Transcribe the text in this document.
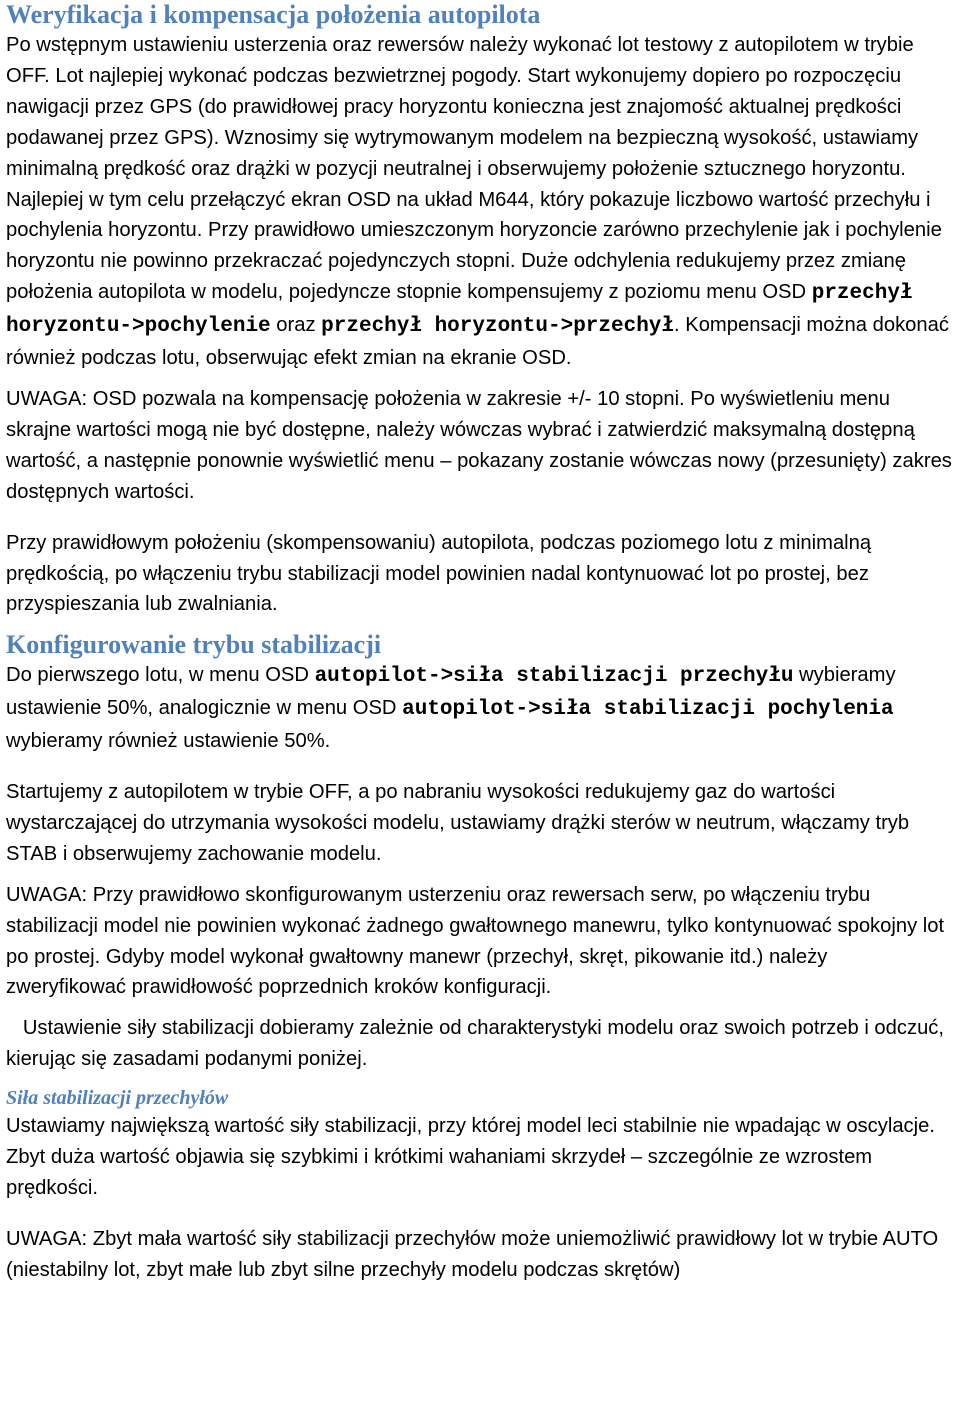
Weryfikacja i kompensacja położenia autopilota

Po wstępnym ustawieniu usterzenia oraz rewersów należy wykonać lot testowy z autopilotem w trybie OFF. Lot najlepiej wykonać podczas bezwietrznej pogody. Start wykonujemy dopiero po rozpoczęciu nawigacji przez GPS (do prawidłowej pracy horyzontu konieczna jest znajomość aktualnej prędkości podawanej przez GPS). Wznosimy się wytrymowanym modelem na bezpieczną wysokość, ustawiamy minimalną prędkość oraz drążki w pozycji neutralnej i obserwujemy położenie sztucznego horyzontu. Najlepiej w tym celu przełączyć ekran OSD na układ M644, który pokazuje liczbowo wartość przechyłu i pochylenia horyzontu. Przy prawidłowo umieszczonym horyzoncie zarówno przechylenie jak i pochylenie horyzontu nie powinno przekraczać pojedynczych stopni. Duże odchylenia redukujemy przez zmianę położenia autopilota w modelu, pojedyncze stopnie kompensujemy z poziomu menu OSD przechył horyzontu->pochylenie oraz przechył horyzontu->przechył. Kompensacji można dokonać również podczas lotu, obserwując efekt zmian na ekranie OSD.

UWAGA: OSD pozwala na kompensację położenia w zakresie +/- 10 stopni. Po wyświetleniu menu skrajne wartości mogą nie być dostępne, należy wówczas wybrać i zatwierdzić maksymalną dostępną wartość, a następnie ponownie wyświetlić menu – pokazany zostanie wówczas nowy (przesunięty) zakres dostępnych wartości.

Przy prawidłowym położeniu (skompensowaniu) autopilota, podczas poziomego lotu z minimalną prędkością, po włączeniu trybu stabilizacji model powinien nadal kontynuować lot po prostej, bez przyspieszania lub zwalniania.

Konfigurowanie trybu stabilizacji

Do pierwszego lotu, w menu OSD autopilot->siła stabilizacji przechyłu wybieramy ustawienie 50%, analogicznie w menu OSD autopilot->siła stabilizacji pochylenia wybieramy również ustawienie 50%.

Startujemy z autopilotem w trybie OFF, a po nabraniu wysokości redukujemy gaz do wartości wystarczającej do utrzymania wysokości modelu, ustawiamy drążki sterów w neutrum, włączamy tryb STAB i obserwujemy zachowanie modelu.

UWAGA: Przy prawidłowo skonfigurowanym usterzeniu oraz rewersach serw, po włączeniu trybu stabilizacji model nie powinien wykonać żadnego gwałtownego manewru, tylko kontynuować spokojny lot po prostej. Gdyby model wykonał gwałtowny manewr (przechył, skręt, pikowanie itd.) należy zweryfikować prawidłowość poprzednich kroków konfiguracji.

Ustawienie siły stabilizacji dobieramy zależnie od charakterystyki modelu oraz swoich potrzeb i odczuć, kierując się zasadami podanymi poniżej.

Siła stabilizacji przechyłów

Ustawiamy największą wartość siły stabilizacji, przy której model leci stabilnie nie wpadając w oscylacje. Zbyt duża wartość objawia się szybkimi i krótkimi wahaniami skrzydeł – szczególnie ze wzrostem prędkości.

UWAGA: Zbyt mała wartość siły stabilizacji przechyłów może uniemożliwić prawidłowy lot w trybie AUTO (niestabilny lot, zbyt małe lub zbyt silne przechyły modelu podczas skrętów)
